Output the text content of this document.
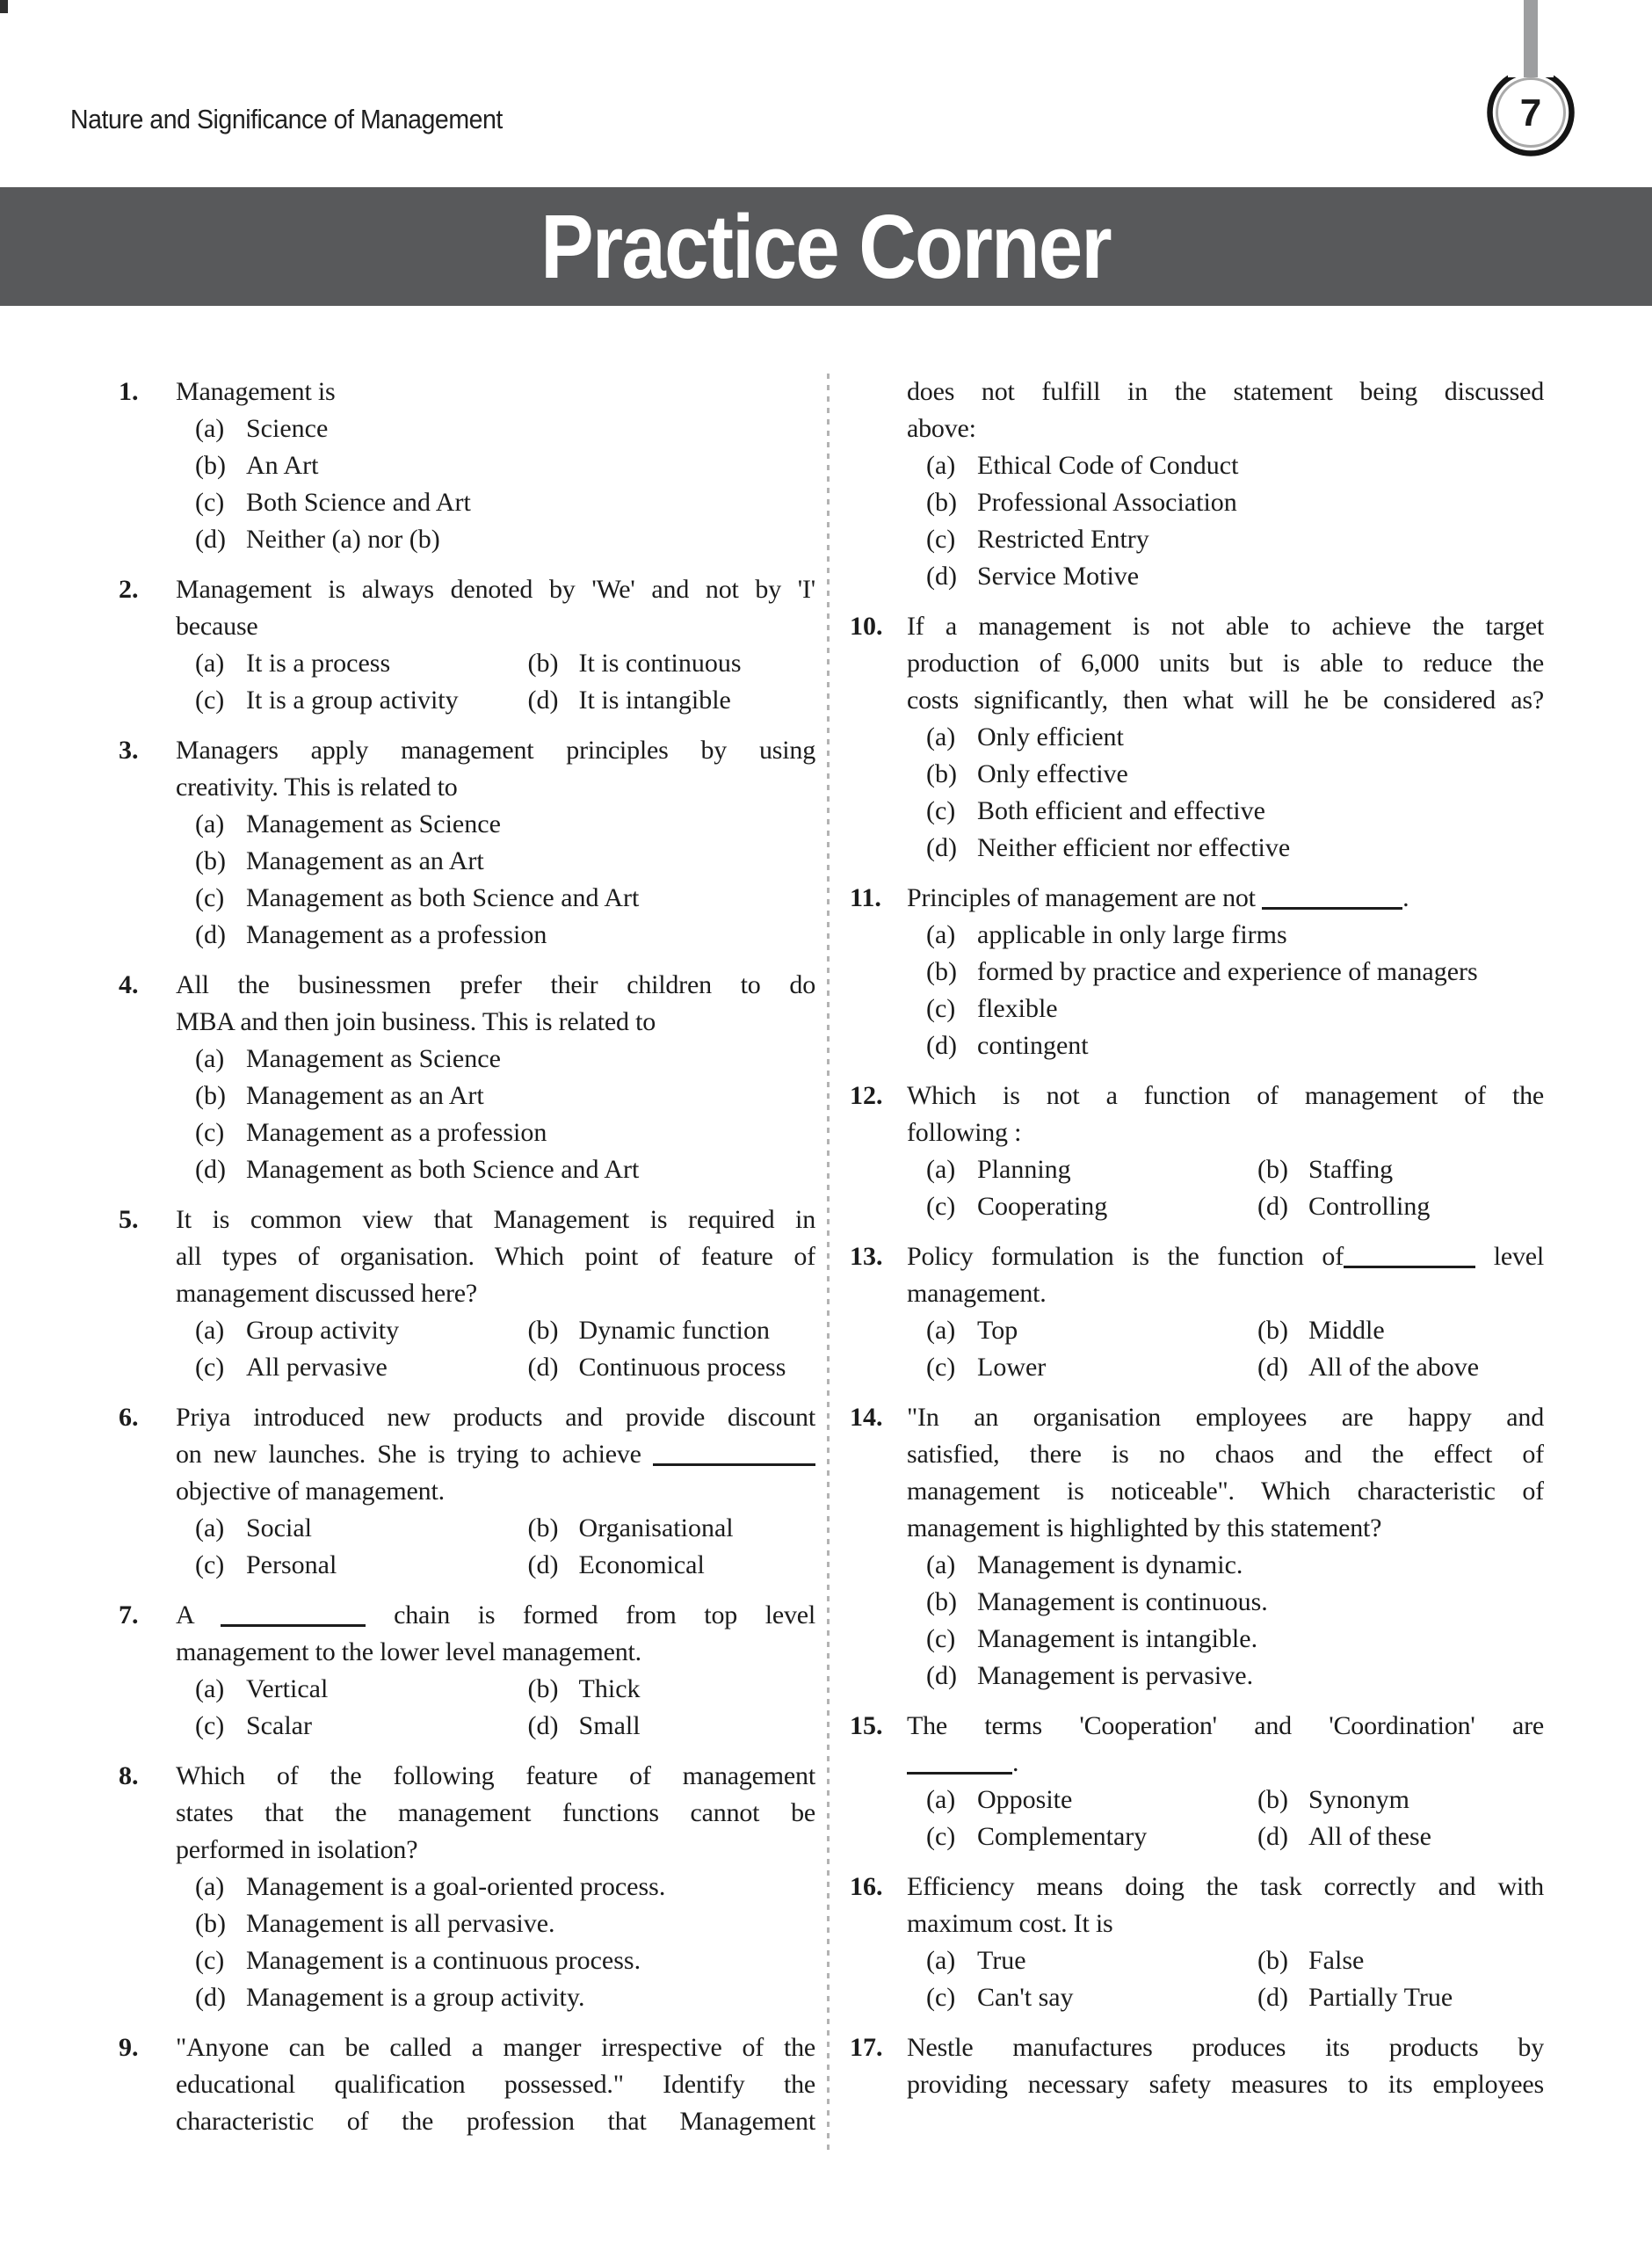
Nature and Significance of Management	7
Practice Corner
1.	Management is
(a) Science
(b) An Art
(c) Both Science and Art
(d) Neither (a) nor (b)
2.	Management is always denoted by 'We' and not by 'I'
because
(a) It is a process	(b) It is continuous
(c) It is a group activity	(d) It is intangible
3.	Managers apply management principles by using
creativity. This is related to
(a) Management as Science
(b) Management as an Art
(c) Management as both Science and Art
(d) Management as a profession
4.	All the businessmen prefer their children to do
MBA and then join business. This is related to
(a) Management as Science
(b) Management as an Art
(c) Management as a profession
(d) Management as both Science and Art
5.	It is common view that Management is required in
all types of organisation. Which point of feature of
management discussed here?
(a) Group activity	(b) Dynamic function
(c) All pervasive	(d) Continuous process
6.	Priya introduced new products and provide discount
on new launches. She is trying to achieve
objective of management.
(a) Social	(b) Organisational
(c) Personal	(d) Economical
7.	A	chain is formed from top level
management to the lower level management.
(a) Vertical	(b) Thick
(c) Scalar	(d) Small
8.	Which of the following feature of management
states that the management functions cannot be
performed in isolation?
(a) Management is a goal-oriented process.
(b) Management is all pervasive.
(c) Management is a continuous process.
(d) Management is a group activity.
9.	"Anyone can be called a manger irrespective of the
educational qualification possessed." Identify the
characteristic of the profession that Management
does not fulfill in the statement being discussed
above:
(a) Ethical Code of Conduct
(b) Professional Association
(c) Restricted Entry
(d) Service Motive
10. If a management is not able to achieve the target
production of 6,000 units but is able to reduce the
costs significantly, then what will he be considered as?
(a) Only efficient
(b) Only effective
(c) Both efficient and effective
(d) Neither efficient nor effective
11. Principles of management are not	.
(a) applicable in only large firms
(b) formed by practice and experience of managers
(c) flexible
(d) contingent
12. Which is not a function of management of the
following :
(a) Planning	(b) Staffing
(c) Cooperating	(d) Controlling
13. Policy formulation is the function of	level
management.
(a) Top	(b) Middle
(c) Lower	(d) All of the above
14. "In an organisation employees are happy and
satisfied, there is no chaos and the effect of
management is noticeable". Which characteristic of
management is highlighted by this statement?
(a) Management is dynamic.
(b) Management is continuous.
(c) Management is intangible.
(d) Management is pervasive.
15. The terms 'Cooperation' and 'Coordination' are
.
(a) Opposite	(b) Synonym
(c) Complementary	(d) All of these
16. Efficiency means doing the task correctly and with
maximum cost. It is
(a) True	(b) False
(c) Can't say	(d) Partially True
17. Nestle manufactures produces its products by
providing necessary safety measures to its employees
